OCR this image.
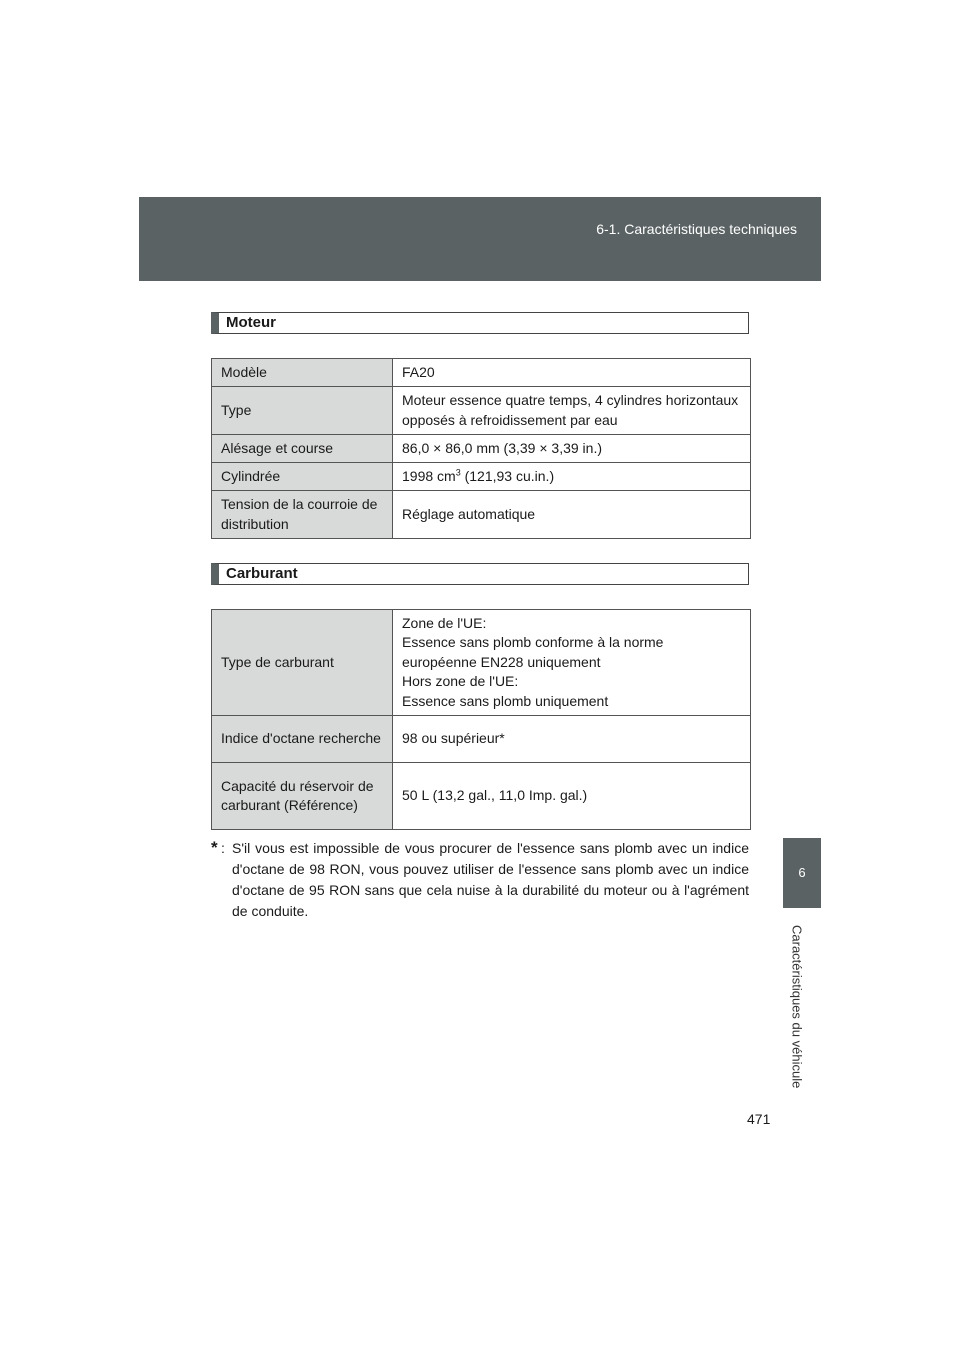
6-1. Caractéristiques techniques
6
Caractéristiques du véhicule
Moteur
Modèle	FA20
Type	Moteur essence quatre temps, 4 cylindres horizontaux opposés à refroidissement par eau
Alésage et course	86,0 × 86,0 mm (3,39 × 3,39 in.)
Cylindrée	1998 $cm^3$ (121,93 cu.in.)
Tension de la courroie de distribution	Réglage automatique
Carburant
Type de carburant	Zone de l'UE:
Essence sans plomb conforme à la norme européenne EN228 uniquement
Hors zone de l'UE:
Essence sans plomb uniquement

Indice d'octane recherche	98 ou supérieur*
Capacité du réservoir de carburant (Référence)	50 L (13,2 gal., 11,0 Imp. gal.)
* : S'il vous est impossible de vous procurer de l'essence sans plomb avec un indice d'octane de 98 RON, vous pouvez utiliser de l'essence sans plomb avec un indice d'octane de 95 RON sans que cela nuise à la durabilité du moteur ou à l'agrément de conduite.
471
